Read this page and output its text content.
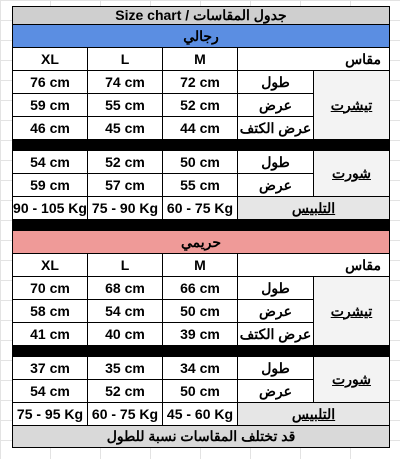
Size chart / جدول المقاسات				
رجالي				
XL	L	M	مقاس	
76 cm	74 cm	72 cm	طول	تيشرت
59 cm	55 cm	52 cm	عرض	
46 cm	45 cm	44 cm	عرض الكتف	

54 cm	52 cm	50 cm	طول	شورت
59 cm	57 cm	55 cm	عرض	
90 - 105 Kg	75 - 90 Kg	60 - 75 Kg	التلبيس	

حريمي				
XL	L	M	مقاس	
70 cm	68 cm	66 cm	طول	تيشرت
58 cm	54 cm	50 cm	عرض	
41 cm	40 cm	39 cm	عرض الكتف	

37 cm	35 cm	34 cm	طول	شورت
54 cm	52 cm	50 cm	عرض	
75 - 95 Kg	60 - 75 Kg	45 - 60 Kg	التلبيس	
قد تختلف المقاسات نسبة للطول				
